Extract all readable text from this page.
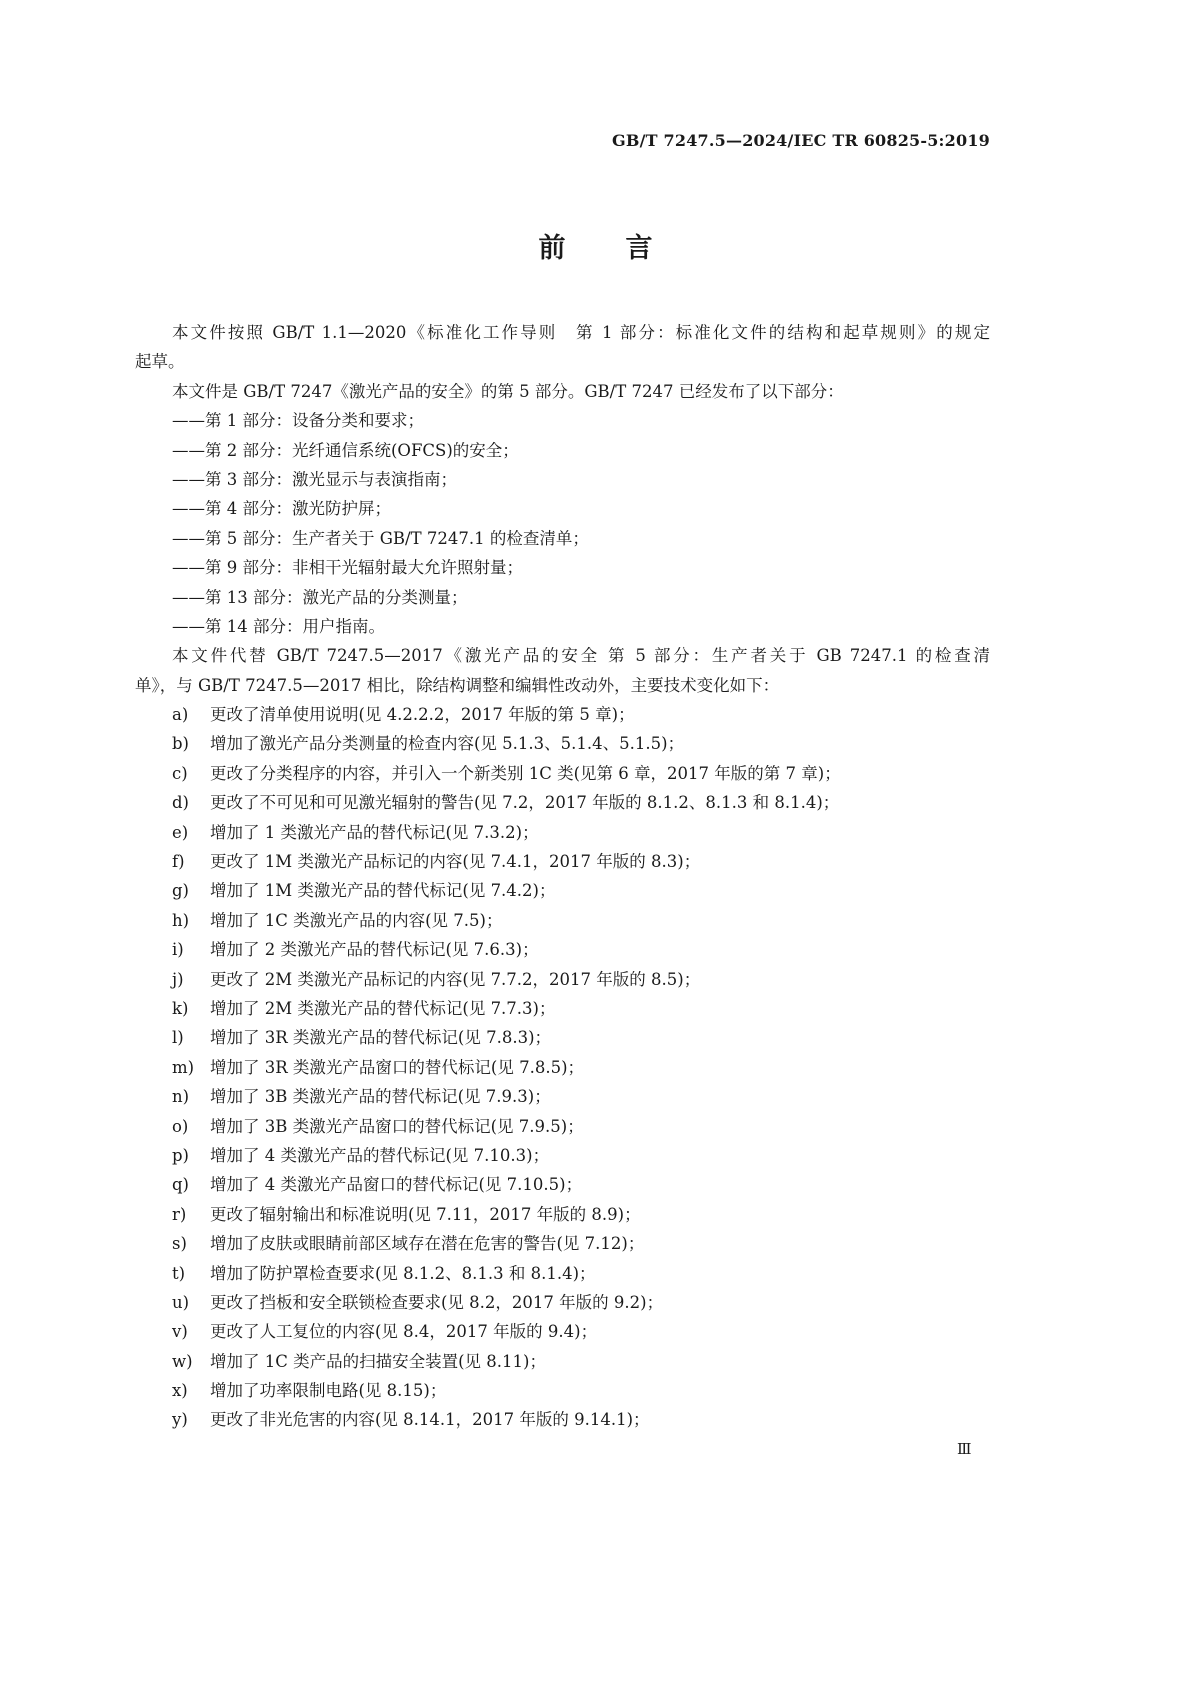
GB/T 7247.5—2024/IEC TR 60825-5:2019
前言
本文件按照 GB/T 1.1—2020《标准化工作导则　第 1 部分：标准化文件的结构和起草规则》的规定
起草。
本文件是 GB/T 7247《激光产品的安全》的第 5 部分。GB/T 7247 已经发布了以下部分：
——第 1 部分：设备分类和要求；
——第 2 部分：光纤通信系统(OFCS)的安全；
——第 3 部分：激光显示与表演指南；
——第 4 部分：激光防护屏；
——第 5 部分：生产者关于 GB/T 7247.1 的检查清单；
——第 9 部分：非相干光辐射最大允许照射量；
——第 13 部分：激光产品的分类测量；
——第 14 部分：用户指南。
本文件代替 GB/T 7247.5—2017《激光产品的安全 第 5 部分：生产者关于 GB 7247.1 的检查清
单》，与 GB/T 7247.5—2017 相比，除结构调整和编辑性改动外，主要技术变化如下：
a) 更改了清单使用说明(见 4.2.2.2，2017 年版的第 5 章)；
b) 增加了激光产品分类测量的检查内容(见 5.1.3、5.1.4、5.1.5)；
c) 更改了分类程序的内容，并引入一个新类别 1C 类(见第 6 章，2017 年版的第 7 章)；
d) 更改了不可见和可见激光辐射的警告(见 7.2，2017 年版的 8.1.2、8.1.3 和 8.1.4)；
e) 增加了 1 类激光产品的替代标记(见 7.3.2)；
f) 更改了 1M 类激光产品标记的内容(见 7.4.1，2017 年版的 8.3)；
g) 增加了 1M 类激光产品的替代标记(见 7.4.2)；
h) 增加了 1C 类激光产品的内容(见 7.5)；
i) 增加了 2 类激光产品的替代标记(见 7.6.3)；
j) 更改了 2M 类激光产品标记的内容(见 7.7.2，2017 年版的 8.5)；
k) 增加了 2M 类激光产品的替代标记(见 7.7.3)；
l) 增加了 3R 类激光产品的替代标记(见 7.8.3)；
m) 增加了 3R 类激光产品窗口的替代标记(见 7.8.5)；
n) 增加了 3B 类激光产品的替代标记(见 7.9.3)；
o) 增加了 3B 类激光产品窗口的替代标记(见 7.9.5)；
p) 增加了 4 类激光产品的替代标记(见 7.10.3)；
q) 增加了 4 类激光产品窗口的替代标记(见 7.10.5)；
r) 更改了辐射输出和标准说明(见 7.11，2017 年版的 8.9)；
s) 增加了皮肤或眼睛前部区域存在潜在危害的警告(见 7.12)；
t) 增加了防护罩检查要求(见 8.1.2、8.1.3 和 8.1.4)；
u) 更改了挡板和安全联锁检查要求(见 8.2，2017 年版的 9.2)；
v) 更改了人工复位的内容(见 8.4，2017 年版的 9.4)；
w) 增加了 1C 类产品的扫描安全装置(见 8.11)；
x) 增加了功率限制电路(见 8.15)；
y) 更改了非光危害的内容(见 8.14.1，2017 年版的 9.14.1)；
Ⅲ
